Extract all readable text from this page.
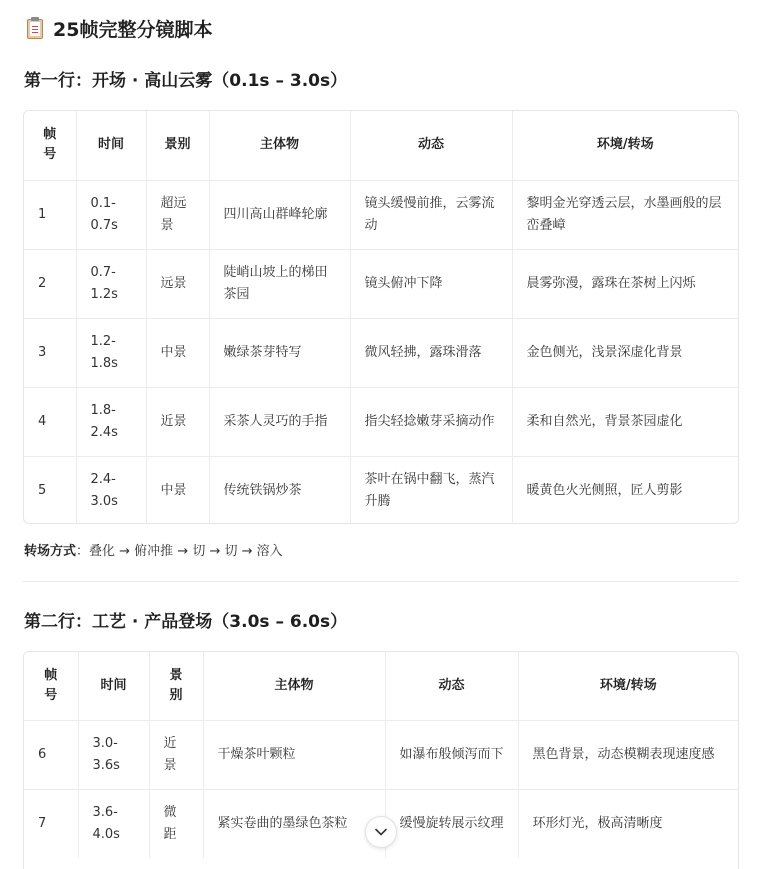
25帧完整分镜脚本
第一行：开场 · 高山云雾（0.1s – 3.0s）
帧号	时间	景别	主体物	动态	环境/转场
1	0.1-0.7s	超远景	四川高山群峰轮廓	镜头缓慢前推，云雾流动	黎明金光穿透云层，水墨画般的层峦叠嶂
2	0.7-1.2s	远景	陡峭山坡上的梯田茶园	镜头俯冲下降	晨雾弥漫，露珠在茶树上闪烁
3	1.2-1.8s	中景	嫩绿茶芽特写	微风轻拂，露珠滑落	金色侧光，浅景深虚化背景
4	1.8-2.4s	近景	采茶人灵巧的手指	指尖轻捻嫩芽采摘动作	柔和自然光，背景茶园虚化
5	2.4-3.0s	中景	传统铁锅炒茶	茶叶在锅中翻飞，蒸汽升腾	暖黄色火光侧照，匠人剪影
转场方式：叠化 → 俯冲推 → 切 → 切 → 溶入
第二行：工艺 · 产品登场（3.0s – 6.0s）
帧号	时间	景别	主体物	动态	环境/转场
6	3.0-3.6s	近景	干燥茶叶颗粒	如瀑布般倾泻而下	黑色背景，动态模糊表现速度感
7	3.6-4.0s	微距	紧实卷曲的墨绿色茶粒	缓慢旋转展示纹理	环形灯光，极高清晰度
